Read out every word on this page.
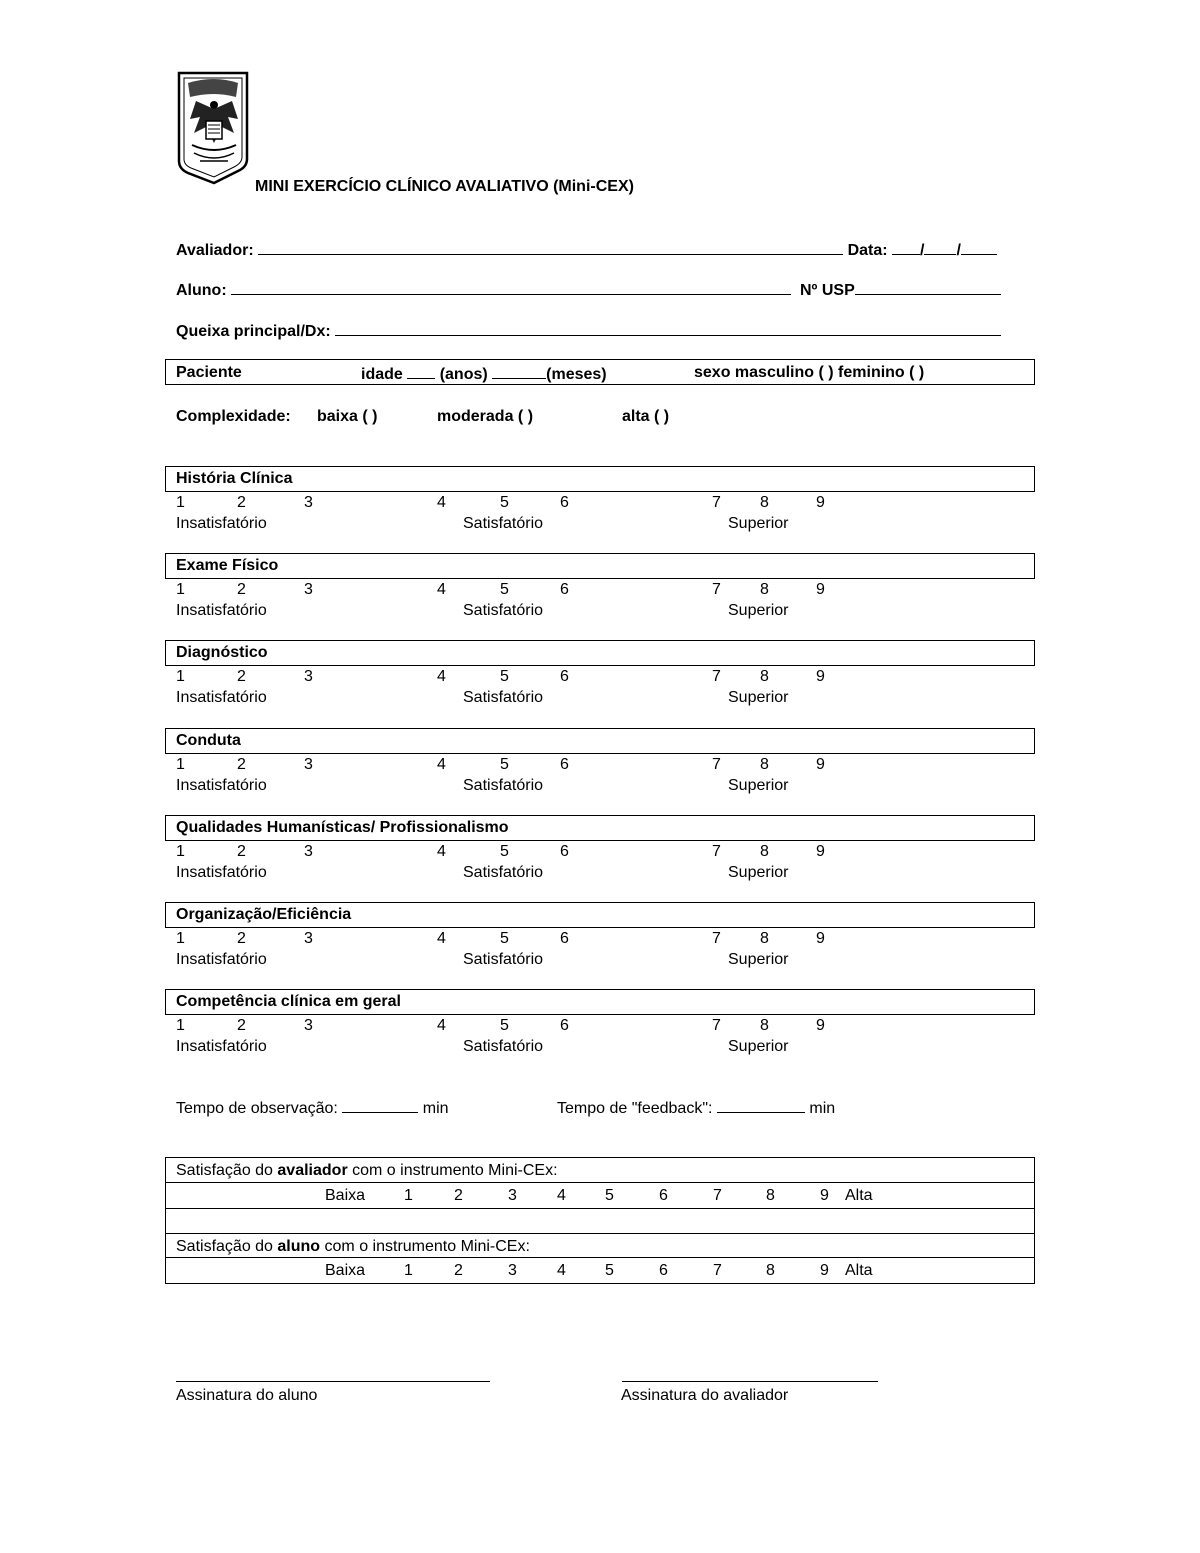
MINI EXERCÍCIO CLÍNICO AVALIATIVO (Mini-CEX)
Avaliador:	Data: / /
Aluno:	Nº USP
Queixa principal/Dx:
Paciente	idade (anos)	(meses)	sexo masculino ( ) feminino ( )
Complexidade: baixa ( )	moderada ( )	alta ( )
História Clínica
1	2	3	4	5	6	7 8	9
Insatisfatório	Satisfatório	Superior
Exame Físico
1	2	3	4	5	6	7 8	9
Insatisfatório	Satisfatório	Superior
Diagnóstico
1	2	3	4	5	6	7 8	9
Insatisfatório	Satisfatório	Superior
Conduta
1	2	3	4	5	6	7 8	9
Insatisfatório	Satisfatório	Superior
Qualidades Humanísticas/ Profissionalismo
1	2	3	4	5	6	7 8	9
Insatisfatório	Satisfatório	Superior
Organização/Eficiência
1	2	3	4	5	6	7 8	9
Insatisfatório	Satisfatório	Superior
Competência clínica em geral
1	2	3	4	5	6	7 8	9
Insatisfatório	Satisfatório	Superior
Tempo de observação:	min	Tempo de "feedback":	min
Satisfação do avaliador com o instrumento Mini-CEx:
Satisfação do aluno com o instrumento Mini-CEx:
Baixa 1	2	3	4 5	6	7	8	9 Alta
Baixa 1	2	3	4 5	6	7	8	9 Alta
Assinatura do aluno	Assinatura do avaliador
